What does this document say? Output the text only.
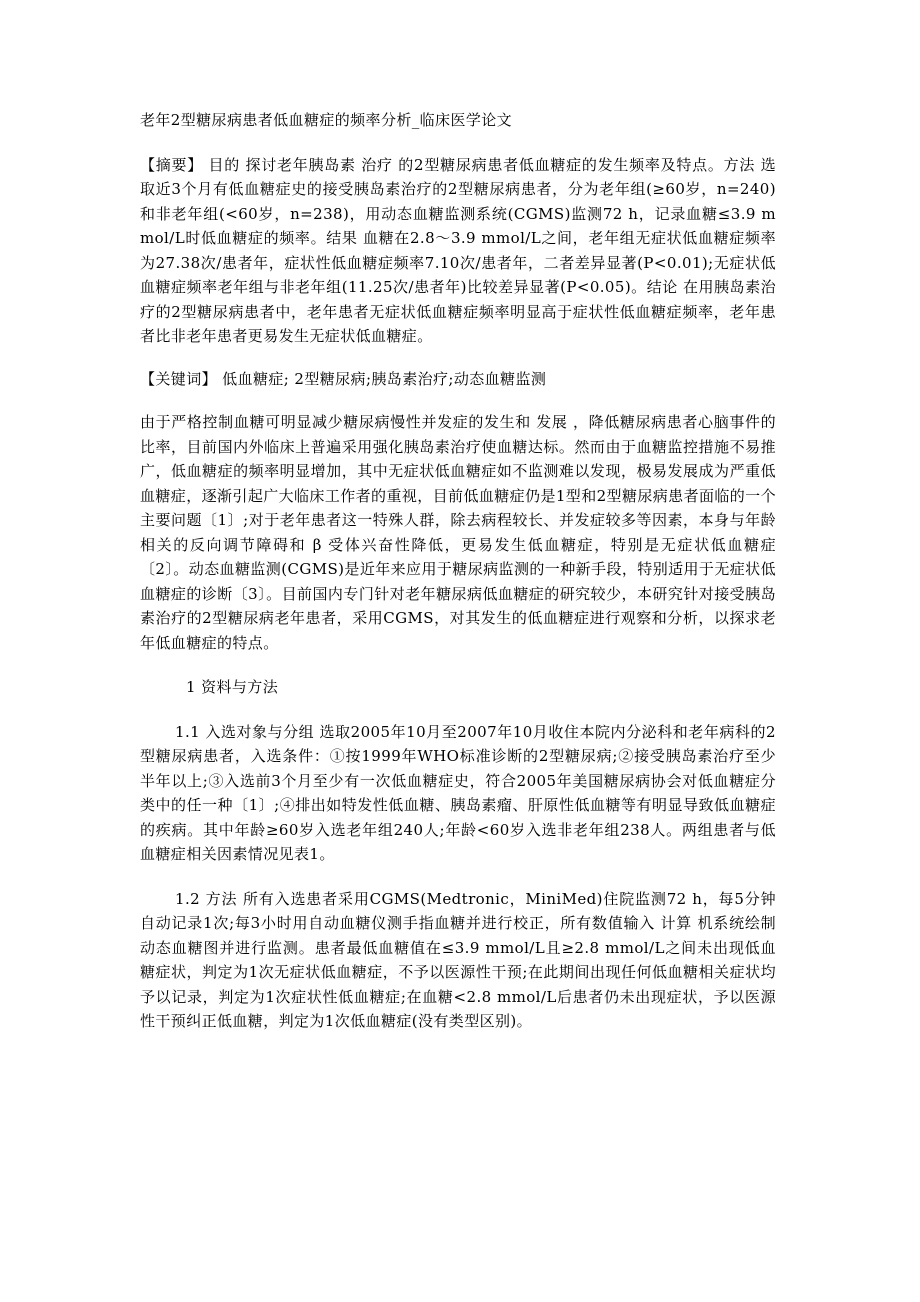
老年2型糖尿病患者低血糖症的频率分析_临床医学论文

【摘要】 目的 探讨老年胰岛素 治疗 的2型糖尿病患者低血糖症的发生频率及特点。方法 选取近3个月有低血糖症史的接受胰岛素治疗的2型糖尿病患者，分为老年组(≥60岁，n=240)和非老年组(<60岁，n=238)，用动态血糖监测系统(CGMS)监测72 h，记录血糖≤3.9 mmol/L时低血糖症的频率。结果 血糖在2.8～3.9 mmol/L之间，老年组无症状低血糖症频率为27.38次/患者年，症状性低血糖症频率7.10次/患者年，二者差异显著(P<0.01);无症状低血糖症频率老年组与非老年组(11.25次/患者年)比较差异显著(P<0.05)。结论 在用胰岛素治疗的2型糖尿病患者中，老年患者无症状低血糖症频率明显高于症状性低血糖症频率，老年患者比非老年患者更易发生无症状低血糖症。

【关键词】 低血糖症; 2型糖尿病;胰岛素治疗;动态血糖监测

由于严格控制血糖可明显减少糖尿病慢性并发症的发生和 发展 ，降低糖尿病患者心脑事件的比率，目前国内外临床上普遍采用强化胰岛素治疗使血糖达标。然而由于血糖监控措施不易推广，低血糖症的频率明显增加，其中无症状低血糖症如不监测难以发现，极易发展成为严重低血糖症，逐渐引起广大临床工作者的重视，目前低血糖症仍是1型和2型糖尿病患者面临的一个主要问题〔1〕;对于老年患者这一特殊人群，除去病程较长、并发症较多等因素，本身与年龄相关的反向调节障碍和 β 受体兴奋性降低，更易发生低血糖症，特别是无症状低血糖症〔2〕。动态血糖监测(CGMS)是近年来应用于糖尿病监测的一种新手段，特别适用于无症状低血糖症的诊断〔3〕。目前国内专门针对老年糖尿病低血糖症的研究较少，本研究针对接受胰岛素治疗的2型糖尿病老年患者，采用CGMS，对其发生的低血糖症进行观察和分析，以探求老年低血糖症的特点。

1 资料与方法

1.1 入选对象与分组 选取2005年10月至2007年10月收住本院内分泌科和老年病科的2型糖尿病患者，入选条件：①按1999年WHO标准诊断的2型糖尿病;②接受胰岛素治疗至少半年以上;③入选前3个月至少有一次低血糖症史，符合2005年美国糖尿病协会对低血糖症分类中的任一种〔1〕;④排出如特发性低血糖、胰岛素瘤、肝原性低血糖等有明显导致低血糖症的疾病。其中年龄≥60岁入选老年组240人;年龄<60岁入选非老年组238人。两组患者与低血糖症相关因素情况见表1。

1.2 方法 所有入选患者采用CGMS(Medtronic，MiniMed)住院监测72 h，每5分钟自动记录1次;每3小时用自动血糖仪测手指血糖并进行校正，所有数值输入 计算 机系统绘制动态血糖图并进行监测。患者最低血糖值在≤3.9 mmol/L且≥2.8 mmol/L之间未出现低血糖症状，判定为1次无症状低血糖症，不予以医源性干预;在此期间出现任何低血糖相关症状均予以记录，判定为1次症状性低血糖症;在血糖<2.8 mmol/L后患者仍未出现症状，予以医源性干预纠正低血糖，判定为1次低血糖症(没有类型区别)。
